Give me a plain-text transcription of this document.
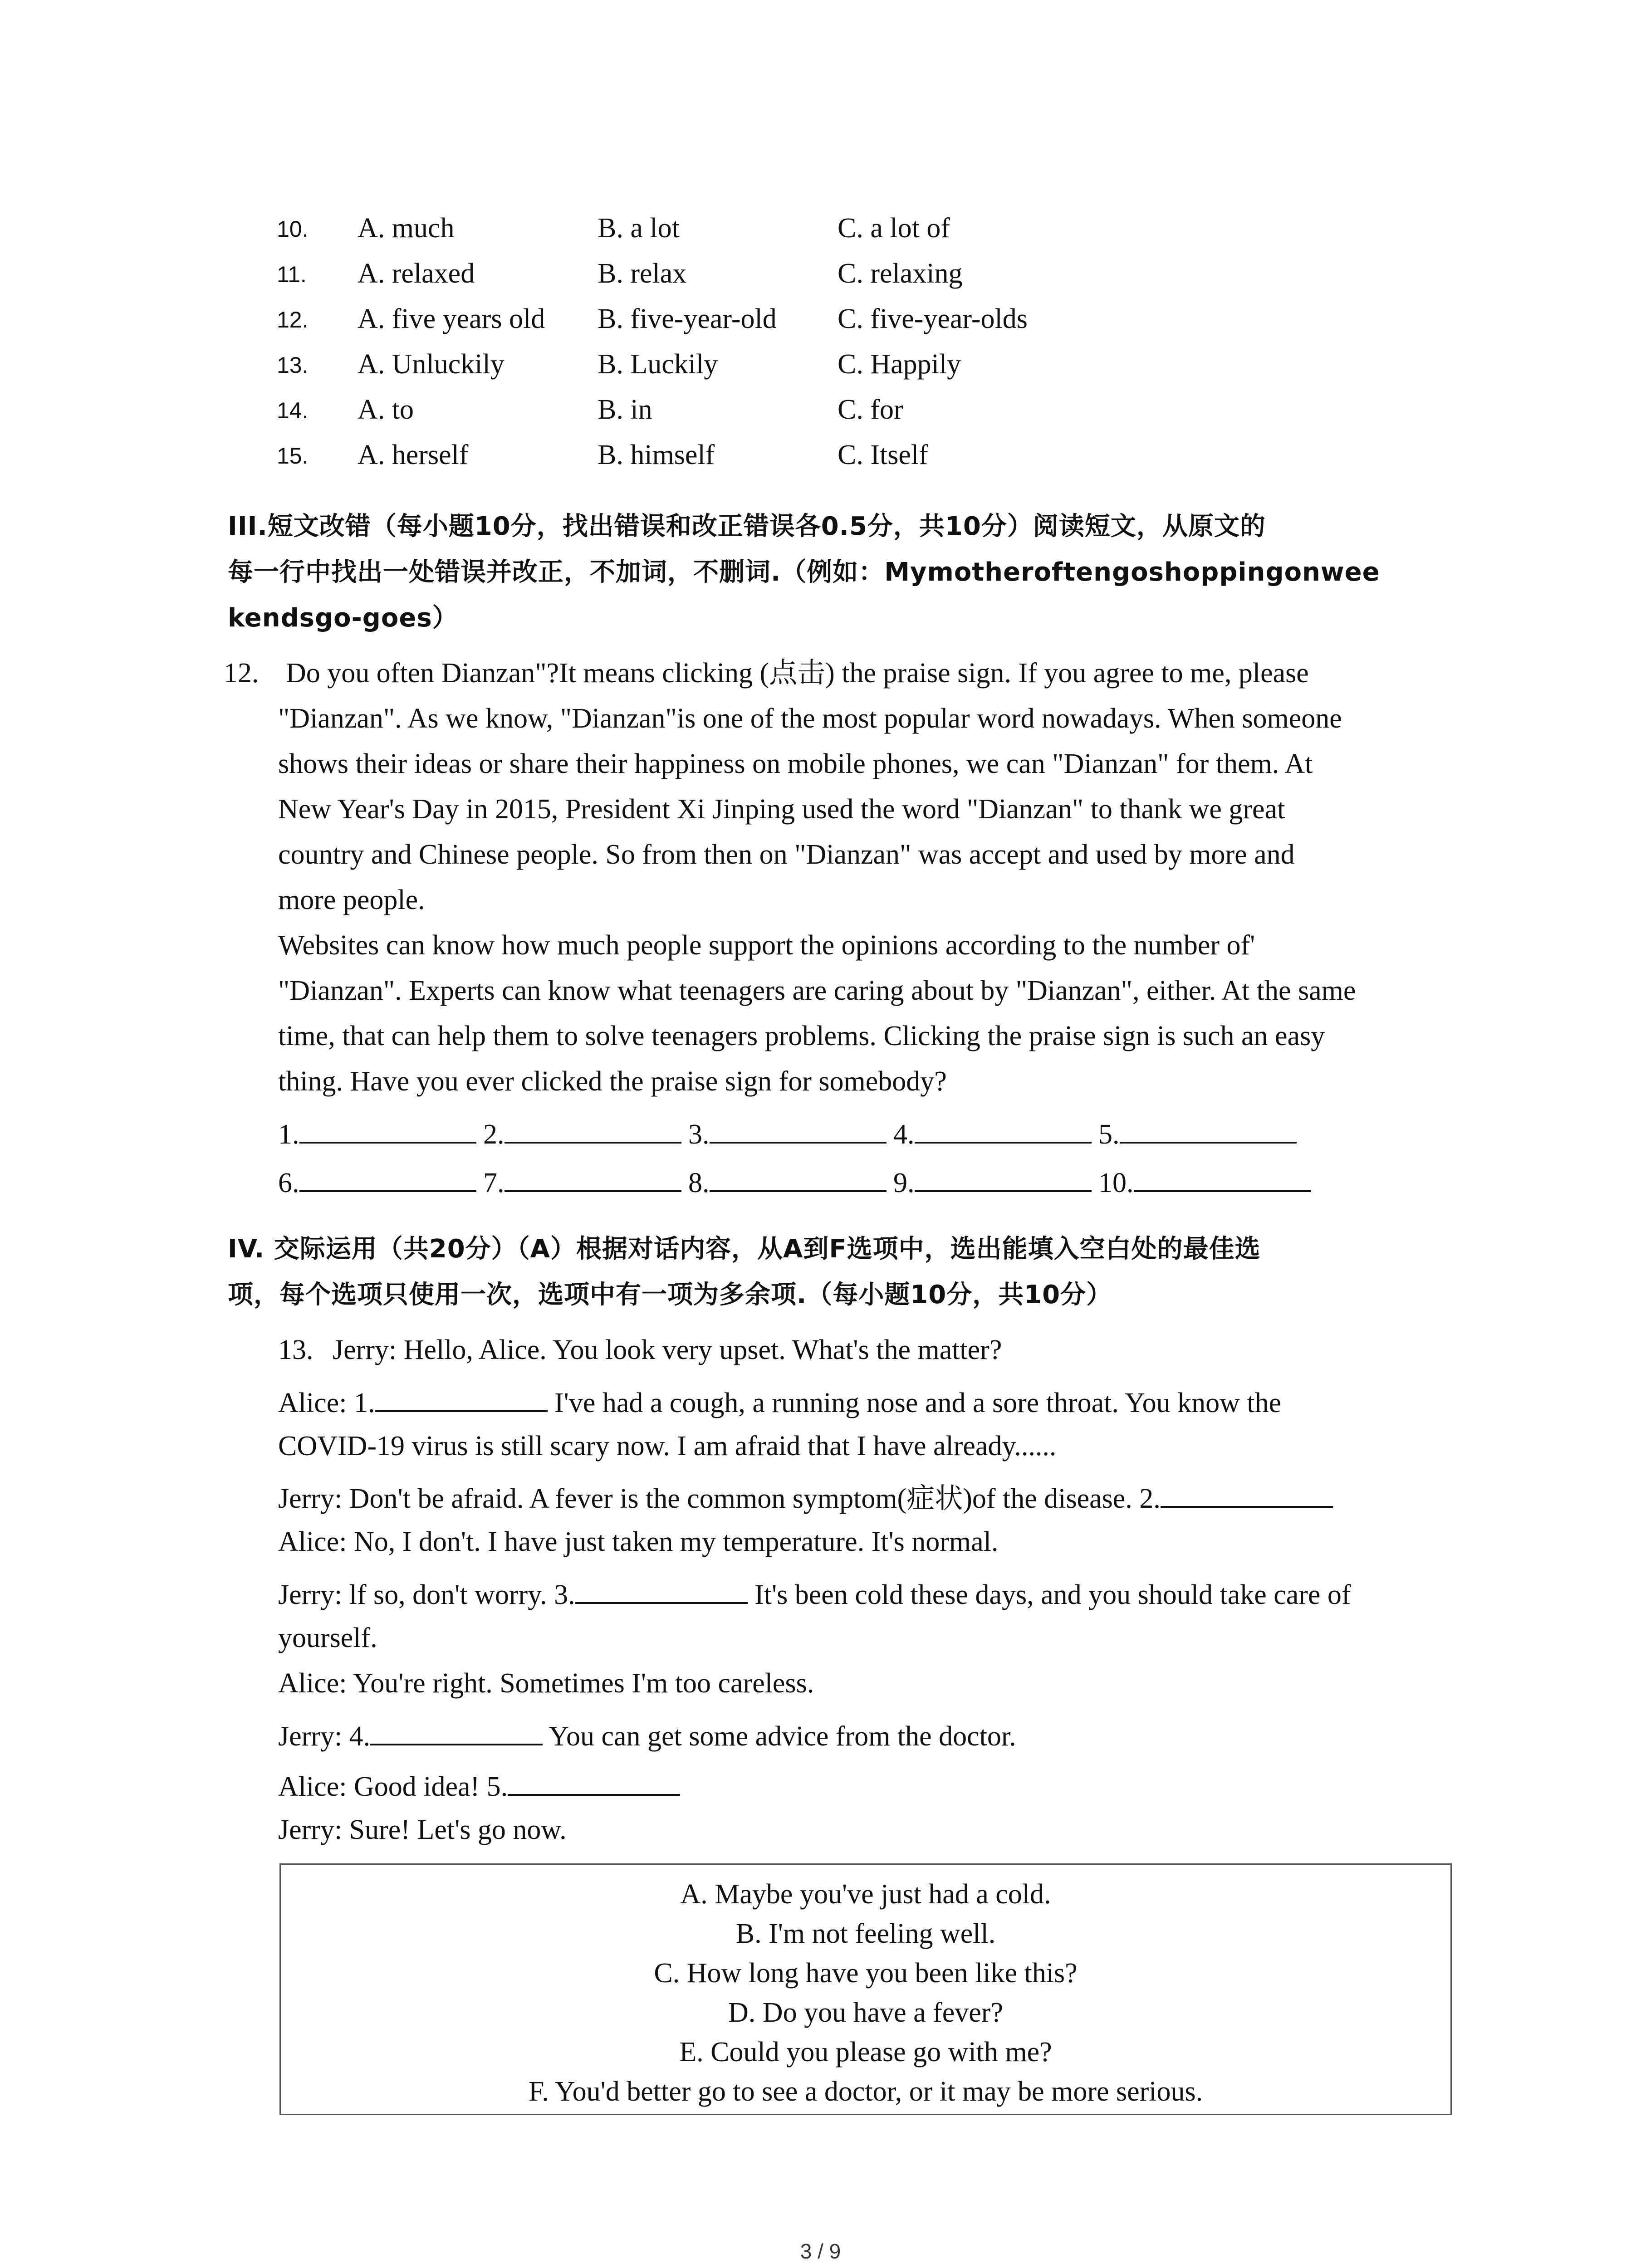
10. A. much	B. a lot	C. a lot of
11. A. relaxed	B. relax	C. relaxing
12. A. five years old B. five-year-old C. five-year-olds
13. A. Unluckily	B. Luckily	C. Happily
14. A. to	B. in	C. for
15. A. herself	B. himself	C. Itself
III.短文改错（每小题10分，找出错误和改正错误各0.5分，共10分）阅读短文，从原文的
每一行中找出一处错误并改正，不加词，不删词.（例如：Mymotheroftengoshoppingonwee
kendsgo-goes）
12. Do you often Dianzan"?It means clicking (点击) the praise sign. If you agree to me, please
"Dianzan". As we know, "Dianzan"is one of the most popular word nowadays. When someone
shows their ideas or share their happiness on mobile phones, we can "Dianzan" for them. At
New Year's Day in 2015, President Xi Jinping used the word "Dianzan" to thank we great
country and Chinese people. So from then on "Dianzan" was accept and used by more and
more people.
Websites can know how much people support the opinions according to the number of'
"Dianzan". Experts can know what teenagers are caring about by "Dianzan", either. At the same
time, that can help them to solve teenagers problems. Clicking the praise sign is such an easy
thing. Have you ever clicked the praise sign for somebody?
1.	2.	3.	4.	5.
6.	7.	8.	9.	10.
IV. 交际运用（共20分）（A）根据对话内容，从A到F选项中，选出能填入空白处的最佳选
项，每个选项只使用一次，选项中有一项为多余项.（每小题10分，共10分）
13. Jerry: Hello, Alice. You look very upset. What's the matter?
Alice: 1.	I've had a cough, a running nose and a sore throat. You know the
COVID-19 virus is still scary now. I am afraid that I have already......
Jerry: Don't be afraid. A fever is the common symptom(症状)of the disease. 2.
Alice: No, I don't. I have just taken my temperature. It's normal.
Jerry: lf so, don't worry. 3.	It's been cold these days, and you should take care of
yourself.
Alice: You're right. Sometimes I'm too careless.
Jerry: 4.	You can get some advice from the doctor.
Alice: Good idea! 5.
Jerry: Sure! Let's go now.
A. Maybe you've just had a cold.
B. I'm not feeling well.
C. How long have you been like this?
D. Do you have a fever?
E. Could you please go with me?
F. You'd better go to see a doctor, or it may be more serious.
3 / 9
